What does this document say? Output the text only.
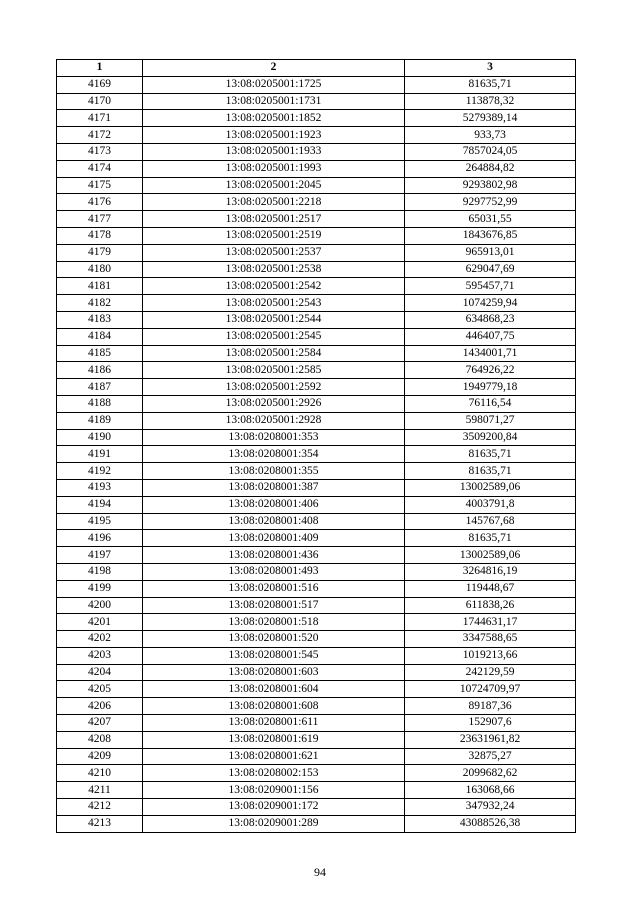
1	2	3
4169	13:08:0205001:1725	81635,71
4170	13:08:0205001:1731	113878,32
4171	13:08:0205001:1852	5279389,14
4172	13:08:0205001:1923	933,73
4173	13:08:0205001:1933	7857024,05
4174	13:08:0205001:1993	264884,82
4175	13:08:0205001:2045	9293802,98
4176	13:08:0205001:2218	9297752,99
4177	13:08:0205001:2517	65031,55
4178	13:08:0205001:2519	1843676,85
4179	13:08:0205001:2537	965913,01
4180	13:08:0205001:2538	629047,69
4181	13:08:0205001:2542	595457,71
4182	13:08:0205001:2543	1074259,94
4183	13:08:0205001:2544	634868,23
4184	13:08:0205001:2545	446407,75
4185	13:08:0205001:2584	1434001,71
4186	13:08:0205001:2585	764926,22
4187	13:08:0205001:2592	1949779,18
4188	13:08:0205001:2926	76116,54
4189	13:08:0205001:2928	598071,27
4190	13:08:0208001:353	3509200,84
4191	13:08:0208001:354	81635,71
4192	13:08:0208001:355	81635,71
4193	13:08:0208001:387	13002589,06
4194	13:08:0208001:406	4003791,8
4195	13:08:0208001:408	145767,68
4196	13:08:0208001:409	81635,71
4197	13:08:0208001:436	13002589,06
4198	13:08:0208001:493	3264816,19
4199	13:08:0208001:516	119448,67
4200	13:08:0208001:517	611838,26
4201	13:08:0208001:518	1744631,17
4202	13:08:0208001:520	3347588,65
4203	13:08:0208001:545	1019213,66
4204	13:08:0208001:603	242129,59
4205	13:08:0208001:604	10724709,97
4206	13:08:0208001:608	89187,36
4207	13:08:0208001:611	152907,6
4208	13:08:0208001:619	23631961,82
4209	13:08:0208001:621	32875,27
4210	13:08:0208002:153	2099682,62
4211	13:08:0209001:156	163068,66
4212	13:08:0209001:172	347932,24
4213	13:08:0209001:289	43088526,38
94
